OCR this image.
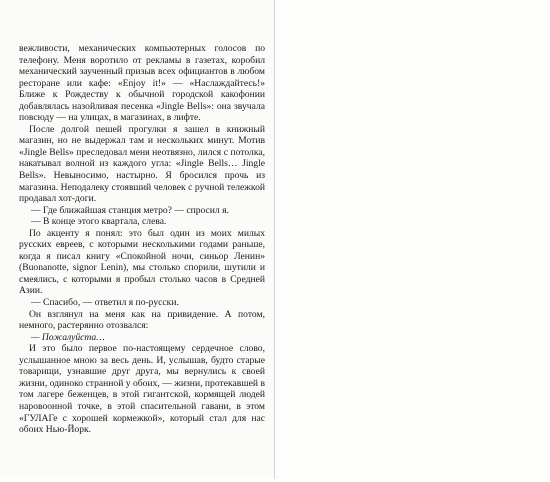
вежливости, механических компьютерных голосов по телефону. Меня воротило от рекламы в газетах, коробил механический заученный призыв всех официантов в любом ресторане или кафе: «Enjoy it!» — «Наслаждайтесь!» Ближе к Рождеству к обычной городской какофонии добавлялась назойливая песенка «Jingle Bells»: она звучала повсюду — на улицах, в магазинах, в лифте.

После долгой пешей прогулки я зашел в книжный магазин, но не выдержал там и нескольких минут. Мотив «Jingle Bells» преследовал меня неотвязно, лился с потолка, накатывал волной из каждого угла: «Jingle Bells… Jingle Bells». Невыносимо, настырно. Я бросился прочь из магазина. Неподалеку стоявший человек с ручной тележкой продавал хот-доги.

— Где ближайшая станция метро? — спросил я.

— В конце этого квартала, слева.

По акценту я понял: это был один из моих милых русских евреев, с которыми несколькими годами раньше, когда я писал книгу «Спокойной ночи, синьор Ленин» (Buonanotte, signor Lenin), мы столько спорили, шутили и смеялись, с которыми я пробыл столько часов в Средней Азии.

— Спасибо, — ответил я по-русски.

Он взглянул на меня как на привидение. А потом, немного, растерянно отозвался:

— Пожалуйста…

И это было первое по-настоящему сердечное слово, услышанное мною за весь день. И, услышав, будто старые товарищи, узнавшие друг друга, мы вернулись к своей жизни, одиноко странной у обоих, — жизни, протекавшей в том лагере беженцев, в этой гигантской, кормящей людей наровоонной точке, в этой спасительной гавани, в этом «ГУЛАГе с хорошей кормежкой», который стал для нас обоих Нью-Йорк.
